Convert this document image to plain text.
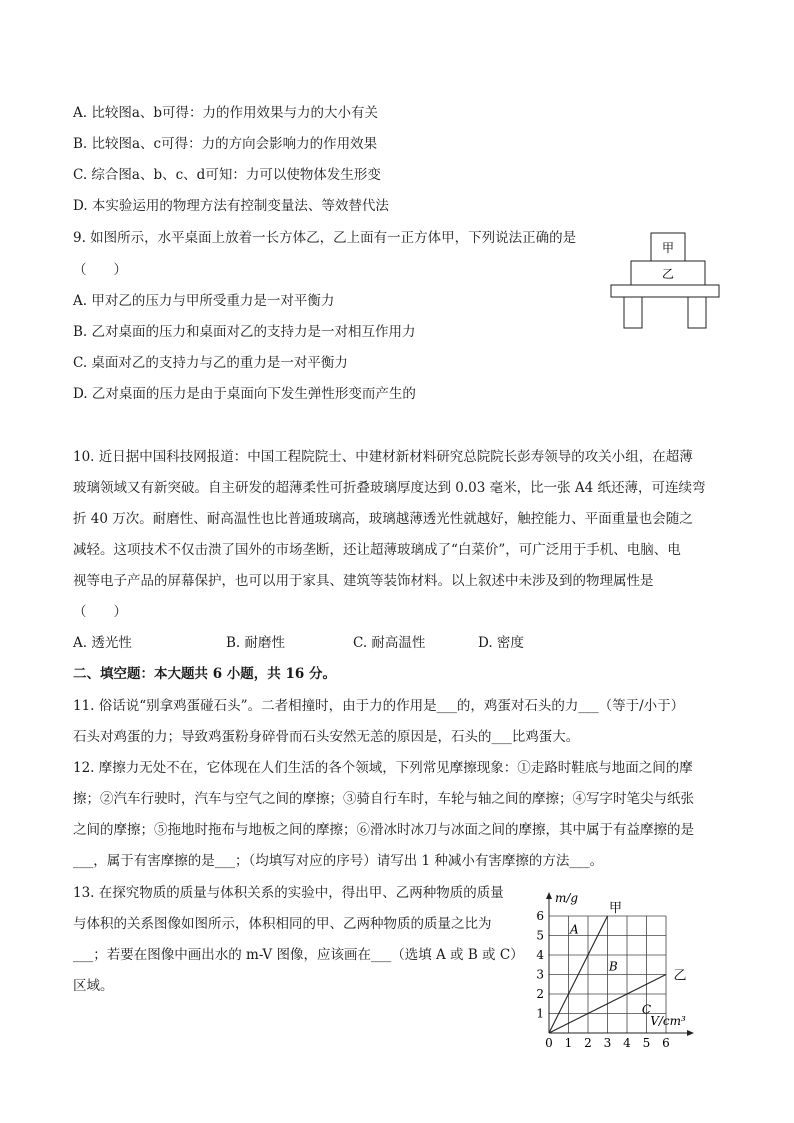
A. 比较图a、b可得：力的作用效果与力的大小有关
B. 比较图a、c可得：力的方向会影响力的作用效果
C. 综合图a、b、c、d可知：力可以使物体发生形变
D. 本实验运用的物理方法有控制变量法、等效替代法
9. 如图所示，水平桌面上放着一长方体乙，乙上面有一正方体甲，下列说法正确的是
（　　）
A. 甲对乙的压力与甲所受重力是一对平衡力
B. 乙对桌面的压力和桌面对乙的支持力是一对相互作用力
C. 桌面对乙的支持力与乙的重力是一对平衡力
D. 乙对桌面的压力是由于桌面向下发生弹性形变而产生的
甲
乙
10. 近日据中国科技网报道：中国工程院院士、中建材新材料研究总院院长彭寿领导的攻关小组，在超薄
玻璃领域又有新突破。自主研发的超薄柔性可折叠玻璃厚度达到 0.03 毫米，比一张 A4 纸还薄，可连续弯
折 40 万次。耐磨性、耐高温性也比普通玻璃高，玻璃越薄透光性就越好，触控能力、平面重量也会随之
减轻。这项技术不仅击溃了国外的市场垄断，还让超薄玻璃成了“白菜价”，可广泛用于手机、电脑、电
视等电子产品的屏幕保护，也可以用于家具、建筑等装饰材料。以上叙述中未涉及到的物理属性是
（　　）
A. 透光性	B. 耐磨性	C. 耐高温性	D. 密度
二、填空题：本大题共 6 小题，共 16 分。
11. 俗话说“别拿鸡蛋碰石头”。二者相撞时，由于力的作用是___的，鸡蛋对石头的力___（等于/小于）
石头对鸡蛋的力；导致鸡蛋粉身碎骨而石头安然无恙的原因是，石头的___比鸡蛋大。
12. 摩擦力无处不在，它体现在人们生活的各个领域，下列常见摩擦现象：①走路时鞋底与地面之间的摩
擦；②汽车行驶时，汽车与空气之间的摩擦；③骑自行车时，车轮与轴之间的摩擦；④写字时笔尖与纸张
之间的摩擦；⑤拖地时拖布与地板之间的摩擦；⑥滑冰时冰刀与冰面之间的摩擦，其中属于有益摩擦的是
___，属于有害摩擦的是___；（均填写对应的序号）请写出 1 种减小有害摩擦的方法___。
13. 在探究物质的质量与体积关系的实验中，得出甲、乙两种物质的质量
与体积的关系图像如图所示，体积相同的甲、乙两种物质的质量之比为
___；若要在图像中画出水的 m-V 图像，应该画在___（选填 A 或 B 或 C）
区域。
0 1 2 3 4 5 6
1
2
3
4
5
6
m/g
V/cm³
甲
乙
A
B
C
